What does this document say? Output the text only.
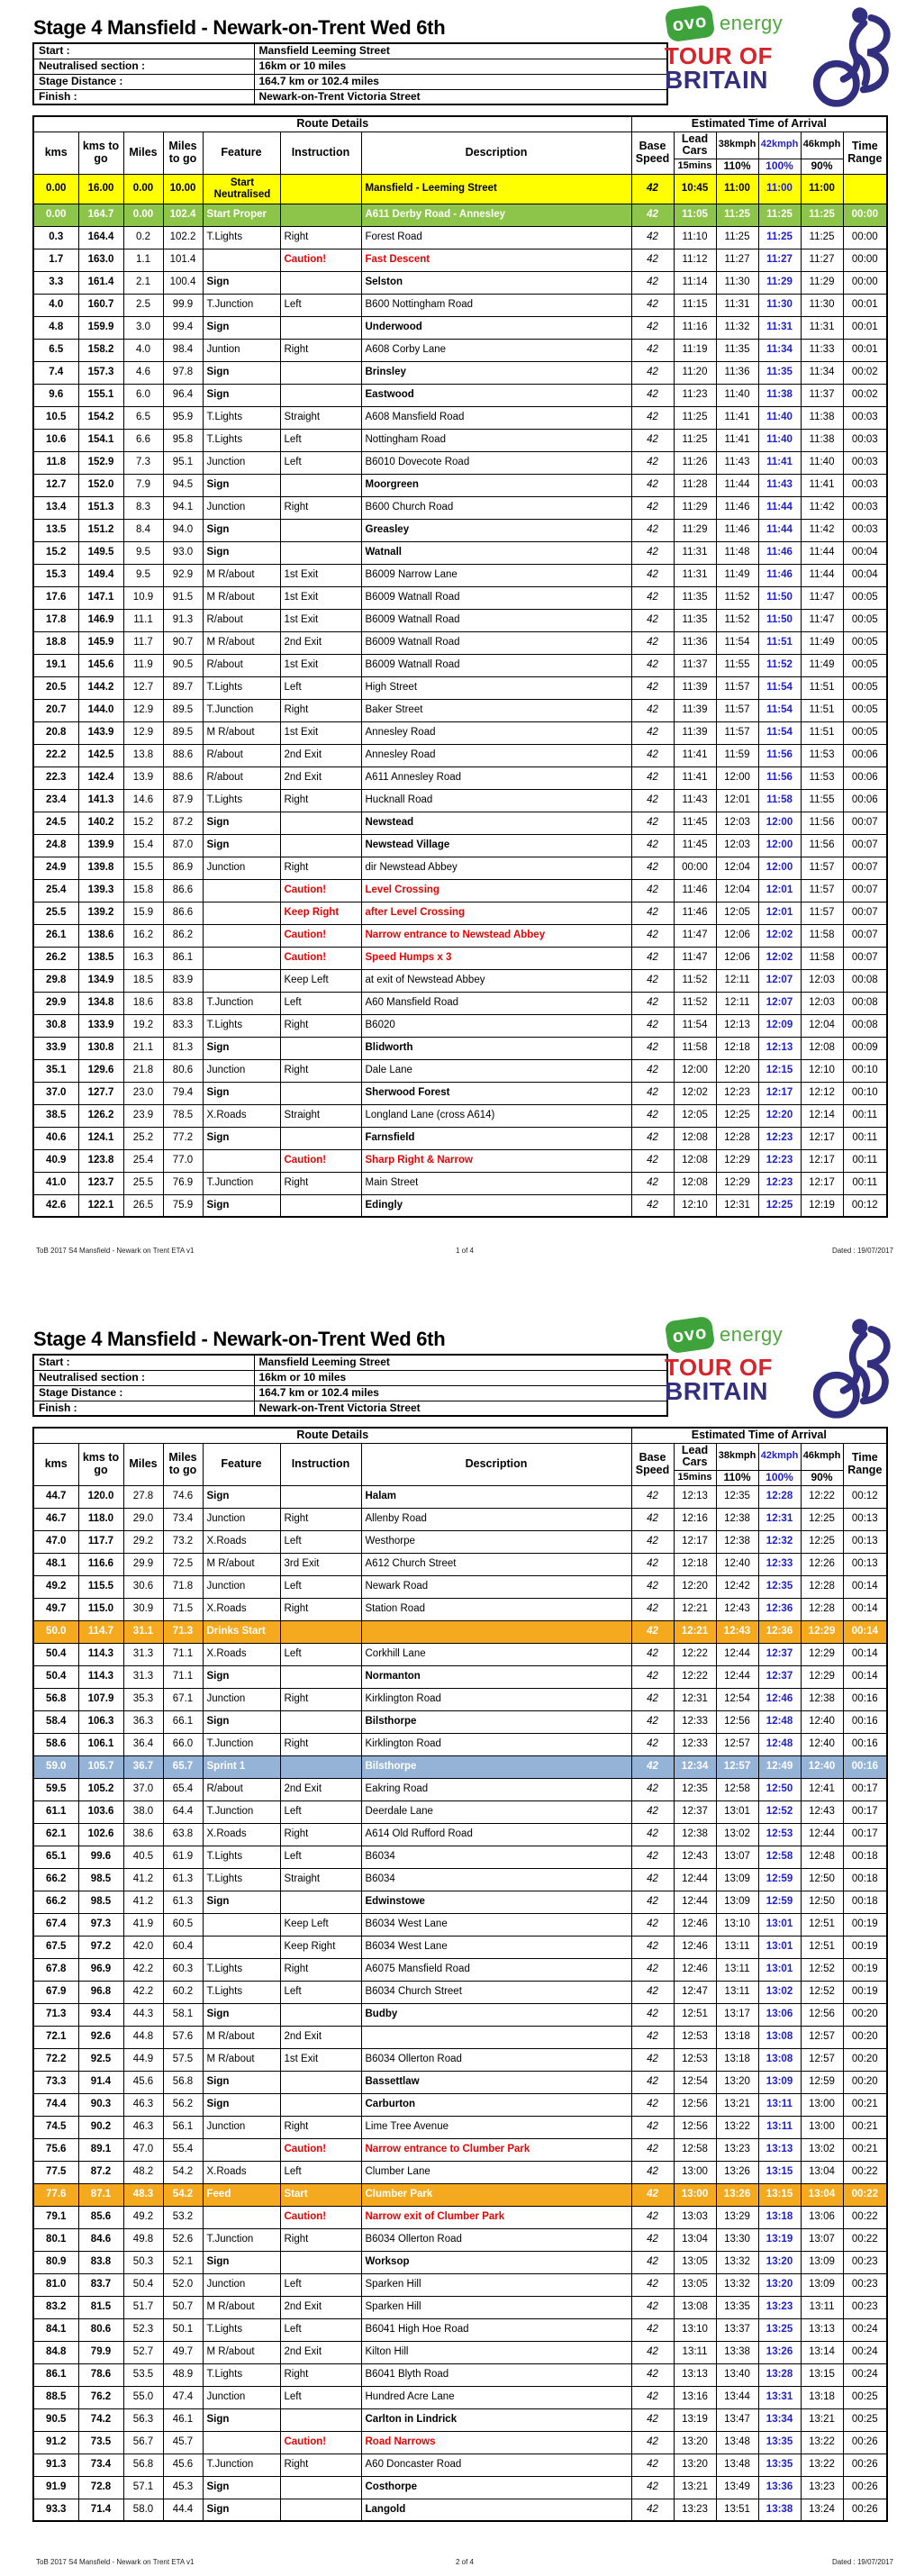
Stage 4 Mansfield - Newark-on-Trent Wed 6th
Start :	Mansfield Leeming Street
Neutralised section :	16km or 10 miles
Stage Distance :	164.7 km or 102.4 miles
Finish :	Newark-on-Trent Victoria Street
ovo energy
TOUR OF
BRITAIN
Route Details							Estimated Time of Arrival					
kms	kms to go	Miles	Miles to go	Feature	Instruction	Description	Base Speed	Lead Cars	38kmph	42kmph	46kmph	Time Range
								15mins	110%	100%	90%	
0.00	16.00	0.00	10.00	Start Neutralised		Mansfield - Leeming Street	42	10:45	11:00	11:00	11:00	
0.00	164.7	0.00	102.4	Start Proper		A611 Derby Road - Annesley	42	11:05	11:25	11:25	11:25	00:00
0.3	164.4	0.2	102.2	T.Lights	Right	Forest Road	42	11:10	11:25	11:25	11:25	00:00
1.7	163.0	1.1	101.4		Caution!	Fast Descent	42	11:12	11:27	11:27	11:27	00:00
3.3	161.4	2.1	100.4	Sign		Selston	42	11:14	11:30	11:29	11:29	00:00
4.0	160.7	2.5	99.9	T.Junction	Left	B600 Nottingham Road	42	11:15	11:31	11:30	11:30	00:01
4.8	159.9	3.0	99.4	Sign		Underwood	42	11:16	11:32	11:31	11:31	00:01
6.5	158.2	4.0	98.4	Juntion	Right	A608 Corby Lane	42	11:19	11:35	11:34	11:33	00:01
7.4	157.3	4.6	97.8	Sign		Brinsley	42	11:20	11:36	11:35	11:34	00:02
9.6	155.1	6.0	96.4	Sign		Eastwood	42	11:23	11:40	11:38	11:37	00:02
10.5	154.2	6.5	95.9	T.Lights	Straight	A608 Mansfield Road	42	11:25	11:41	11:40	11:38	00:03
10.6	154.1	6.6	95.8	T.Lights	Left	Nottingham Road	42	11:25	11:41	11:40	11:38	00:03
11.8	152.9	7.3	95.1	Junction	Left	B6010 Dovecote Road	42	11:26	11:43	11:41	11:40	00:03
12.7	152.0	7.9	94.5	Sign		Moorgreen	42	11:28	11:44	11:43	11:41	00:03
13.4	151.3	8.3	94.1	Junction	Right	B600 Church Road	42	11:29	11:46	11:44	11:42	00:03
13.5	151.2	8.4	94.0	Sign		Greasley	42	11:29	11:46	11:44	11:42	00:03
15.2	149.5	9.5	93.0	Sign		Watnall	42	11:31	11:48	11:46	11:44	00:04
15.3	149.4	9.5	92.9	M R/about	1st Exit	B6009 Narrow Lane	42	11:31	11:49	11:46	11:44	00:04
17.6	147.1	10.9	91.5	M R/about	1st Exit	B6009 Watnall Road	42	11:35	11:52	11:50	11:47	00:05
17.8	146.9	11.1	91.3	R/about	1st Exit	B6009 Watnall Road	42	11:35	11:52	11:50	11:47	00:05
18.8	145.9	11.7	90.7	M R/about	2nd Exit	B6009 Watnall Road	42	11:36	11:54	11:51	11:49	00:05
19.1	145.6	11.9	90.5	R/about	1st Exit	B6009 Watnall Road	42	11:37	11:55	11:52	11:49	00:05
20.5	144.2	12.7	89.7	T.Lights	Left	High Street	42	11:39	11:57	11:54	11:51	00:05
20.7	144.0	12.9	89.5	T.Junction	Right	Baker Street	42	11:39	11:57	11:54	11:51	00:05
20.8	143.9	12.9	89.5	M R/about	1st Exit	Annesley Road	42	11:39	11:57	11:54	11:51	00:05
22.2	142.5	13.8	88.6	R/about	2nd Exit	Annesley Road	42	11:41	11:59	11:56	11:53	00:06
22.3	142.4	13.9	88.6	R/about	2nd Exit	A611 Annesley Road	42	11:41	12:00	11:56	11:53	00:06
23.4	141.3	14.6	87.9	T.Lights	Right	Hucknall Road	42	11:43	12:01	11:58	11:55	00:06
24.5	140.2	15.2	87.2	Sign		Newstead	42	11:45	12:03	12:00	11:56	00:07
24.8	139.9	15.4	87.0	Sign		Newstead Village	42	11:45	12:03	12:00	11:56	00:07
24.9	139.8	15.5	86.9	Junction	Right	dir Newstead Abbey	42	00:00	12:04	12:00	11:57	00:07
25.4	139.3	15.8	86.6		Caution!	Level Crossing	42	11:46	12:04	12:01	11:57	00:07
25.5	139.2	15.9	86.6		Keep Right	after Level Crossing	42	11:46	12:05	12:01	11:57	00:07
26.1	138.6	16.2	86.2		Caution!	Narrow entrance to Newstead Abbey	42	11:47	12:06	12:02	11:58	00:07
26.2	138.5	16.3	86.1		Caution!	Speed Humps x 3	42	11:47	12:06	12:02	11:58	00:07
29.8	134.9	18.5	83.9		Keep Left	at exit of Newstead Abbey	42	11:52	12:11	12:07	12:03	00:08
29.9	134.8	18.6	83.8	T.Junction	Left	A60 Mansfield Road	42	11:52	12:11	12:07	12:03	00:08
30.8	133.9	19.2	83.3	T.Lights	Right	B6020	42	11:54	12:13	12:09	12:04	00:08
33.9	130.8	21.1	81.3	Sign		Blidworth	42	11:58	12:18	12:13	12:08	00:09
35.1	129.6	21.8	80.6	Junction	Right	Dale Lane	42	12:00	12:20	12:15	12:10	00:10
37.0	127.7	23.0	79.4	Sign		Sherwood Forest	42	12:02	12:23	12:17	12:12	00:10
38.5	126.2	23.9	78.5	X.Roads	Straight	Longland Lane (cross A614)	42	12:05	12:25	12:20	12:14	00:11
40.6	124.1	25.2	77.2	Sign		Farnsfield	42	12:08	12:28	12:23	12:17	00:11
40.9	123.8	25.4	77.0		Caution!	Sharp Right & Narrow	42	12:08	12:29	12:23	12:17	00:11
41.0	123.7	25.5	76.9	T.Junction	Right	Main Street	42	12:08	12:29	12:23	12:17	00:11
42.6	122.1	26.5	75.9	Sign		Edingly	42	12:10	12:31	12:25	12:19	00:12
ToB 2017 S4 Mansfield - Newark on Trent ETA v1	1 of 4	Dated : 19/07/2017
Stage 4 Mansfield - Newark-on-Trent Wed 6th
Start :	Mansfield Leeming Street
Neutralised section :	16km or 10 miles
Stage Distance :	164.7 km or 102.4 miles
Finish :	Newark-on-Trent Victoria Street
ovo energy
TOUR OF
BRITAIN
Route Details							Estimated Time of Arrival					
kms	kms to go	Miles	Miles to go	Feature	Instruction	Description	Base Speed	Lead Cars	38kmph	42kmph	46kmph	Time Range
								15mins	110%	100%	90%	
44.7	120.0	27.8	74.6	Sign		Halam	42	12:13	12:35	12:28	12:22	00:12
46.7	118.0	29.0	73.4	Junction	Right	Allenby Road	42	12:16	12:38	12:31	12:25	00:13
47.0	117.7	29.2	73.2	X.Roads	Left	Westhorpe	42	12:17	12:38	12:32	12:25	00:13
48.1	116.6	29.9	72.5	M R/about	3rd Exit	A612 Church Street	42	12:18	12:40	12:33	12:26	00:13
49.2	115.5	30.6	71.8	Junction	Left	Newark Road	42	12:20	12:42	12:35	12:28	00:14
49.7	115.0	30.9	71.5	X.Roads	Right	Station Road	42	12:21	12:43	12:36	12:28	00:14
50.0	114.7	31.1	71.3	Drinks Start			42	12:21	12:43	12:36	12:29	00:14
50.4	114.3	31.3	71.1	X.Roads	Left	Corkhill Lane	42	12:22	12:44	12:37	12:29	00:14
50.4	114.3	31.3	71.1	Sign		Normanton	42	12:22	12:44	12:37	12:29	00:14
56.8	107.9	35.3	67.1	Junction	Right	Kirklington Road	42	12:31	12:54	12:46	12:38	00:16
58.4	106.3	36.3	66.1	Sign		Bilsthorpe	42	12:33	12:56	12:48	12:40	00:16
58.6	106.1	36.4	66.0	T.Junction	Right	Kirklington Road	42	12:33	12:57	12:48	12:40	00:16
59.0	105.7	36.7	65.7	Sprint 1		Bilsthorpe	42	12:34	12:57	12:49	12:40	00:16
59.5	105.2	37.0	65.4	R/about	2nd Exit	Eakring Road	42	12:35	12:58	12:50	12:41	00:17
61.1	103.6	38.0	64.4	T.Junction	Left	Deerdale Lane	42	12:37	13:01	12:52	12:43	00:17
62.1	102.6	38.6	63.8	X.Roads	Right	A614 Old Rufford Road	42	12:38	13:02	12:53	12:44	00:17
65.1	99.6	40.5	61.9	T.Lights	Left	B6034	42	12:43	13:07	12:58	12:48	00:18
66.2	98.5	41.2	61.3	T.Lights	Straight	B6034	42	12:44	13:09	12:59	12:50	00:18
66.2	98.5	41.2	61.3	Sign		Edwinstowe	42	12:44	13:09	12:59	12:50	00:18
67.4	97.3	41.9	60.5		Keep Left	B6034 West Lane	42	12:46	13:10	13:01	12:51	00:19
67.5	97.2	42.0	60.4		Keep Right	B6034 West Lane	42	12:46	13:11	13:01	12:51	00:19
67.8	96.9	42.2	60.3	T.Lights	Right	A6075 Mansfield Road	42	12:46	13:11	13:01	12:52	00:19
67.9	96.8	42.2	60.2	T.Lights	Left	B6034 Church Street	42	12:47	13:11	13:02	12:52	00:19
71.3	93.4	44.3	58.1	Sign		Budby	42	12:51	13:17	13:06	12:56	00:20
72.1	92.6	44.8	57.6	M R/about	2nd Exit		42	12:53	13:18	13:08	12:57	00:20
72.2	92.5	44.9	57.5	M R/about	1st Exit	B6034 Ollerton Road	42	12:53	13:18	13:08	12:57	00:20
73.3	91.4	45.6	56.8	Sign		Bassettlaw	42	12:54	13:20	13:09	12:59	00:20
74.4	90.3	46.3	56.2	Sign		Carburton	42	12:56	13:21	13:11	13:00	00:21
74.5	90.2	46.3	56.1	Junction	Right	Lime Tree Avenue	42	12:56	13:22	13:11	13:00	00:21
75.6	89.1	47.0	55.4		Caution!	Narrow entrance to Clumber Park	42	12:58	13:23	13:13	13:02	00:21
77.5	87.2	48.2	54.2	X.Roads	Left	Clumber Lane	42	13:00	13:26	13:15	13:04	00:22
77.6	87.1	48.3	54.2	Feed	Start	Clumber Park	42	13:00	13:26	13:15	13:04	00:22
79.1	85.6	49.2	53.2		Caution!	Narrow exit of Clumber Park	42	13:03	13:29	13:18	13:06	00:22
80.1	84.6	49.8	52.6	T.Junction	Right	B6034 Ollerton Road	42	13:04	13:30	13:19	13:07	00:22
80.9	83.8	50.3	52.1	Sign		Worksop	42	13:05	13:32	13:20	13:09	00:23
81.0	83.7	50.4	52.0	Junction	Left	Sparken Hill	42	13:05	13:32	13:20	13:09	00:23
83.2	81.5	51.7	50.7	M R/about	2nd Exit	Sparken Hill	42	13:08	13:35	13:23	13:11	00:23
84.1	80.6	52.3	50.1	T.Lights	Left	B6041 High Hoe Road	42	13:10	13:37	13:25	13:13	00:24
84.8	79.9	52.7	49.7	M R/about	2nd Exit	Kilton Hill	42	13:11	13:38	13:26	13:14	00:24
86.1	78.6	53.5	48.9	T.Lights	Right	B6041 Blyth Road	42	13:13	13:40	13:28	13:15	00:24
88.5	76.2	55.0	47.4	Junction	Left	Hundred Acre Lane	42	13:16	13:44	13:31	13:18	00:25
90.5	74.2	56.3	46.1	Sign		Carlton in Lindrick	42	13:19	13:47	13:34	13:21	00:25
91.2	73.5	56.7	45.7		Caution!	Road Narrows	42	13:20	13:48	13:35	13:22	00:26
91.3	73.4	56.8	45.6	T.Junction	Right	A60 Doncaster Road	42	13:20	13:48	13:35	13:22	00:26
91.9	72.8	57.1	45.3	Sign		Costhorpe	42	13:21	13:49	13:36	13:23	00:26
93.3	71.4	58.0	44.4	Sign		Langold	42	13:23	13:51	13:38	13:24	00:26
ToB 2017 S4 Mansfield - Newark on Trent ETA v1	2 of 4	Dated : 19/07/2017
